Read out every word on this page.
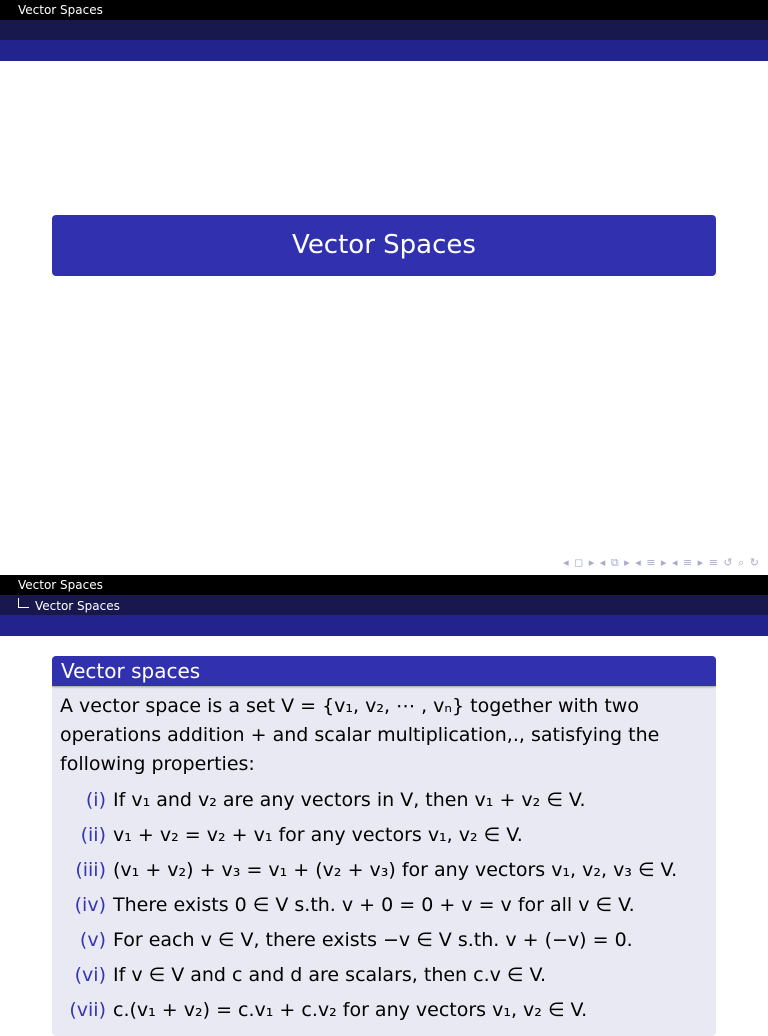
Vector Spaces
Vector Spaces
◂ ◻ ▸ ◂ ⧉ ▸ ◂ ≡ ▸ ◂ ≡ ▸ ≡ ↺ ⌕ ↻
Vector Spaces
Vector Spaces
Vector spaces

A vector space is a set V = {v₁, v₂, ⋯ , vₙ} together with two operations addition + and scalar multiplication,., satisfying the following properties:

(i) If v₁ and v₂ are any vectors in V, then v₁ + v₂ ∈ V.
(ii) v₁ + v₂ = v₂ + v₁ for any vectors v₁, v₂ ∈ V.
(iii) (v₁ + v₂) + v₃ = v₁ + (v₂ + v₃) for any vectors v₁, v₂, v₃ ∈ V.
(iv) There exists 0 ∈ V s.th. v + 0 = 0 + v = v for all v ∈ V.
(v) For each v ∈ V, there exists −v ∈ V s.th. v + (−v) = 0.
(vi) If v ∈ V and c and d are scalars, then c.v ∈ V.
(vii) c.(v₁ + v₂) = c.v₁ + c.v₂ for any vectors v₁, v₂ ∈ V.
